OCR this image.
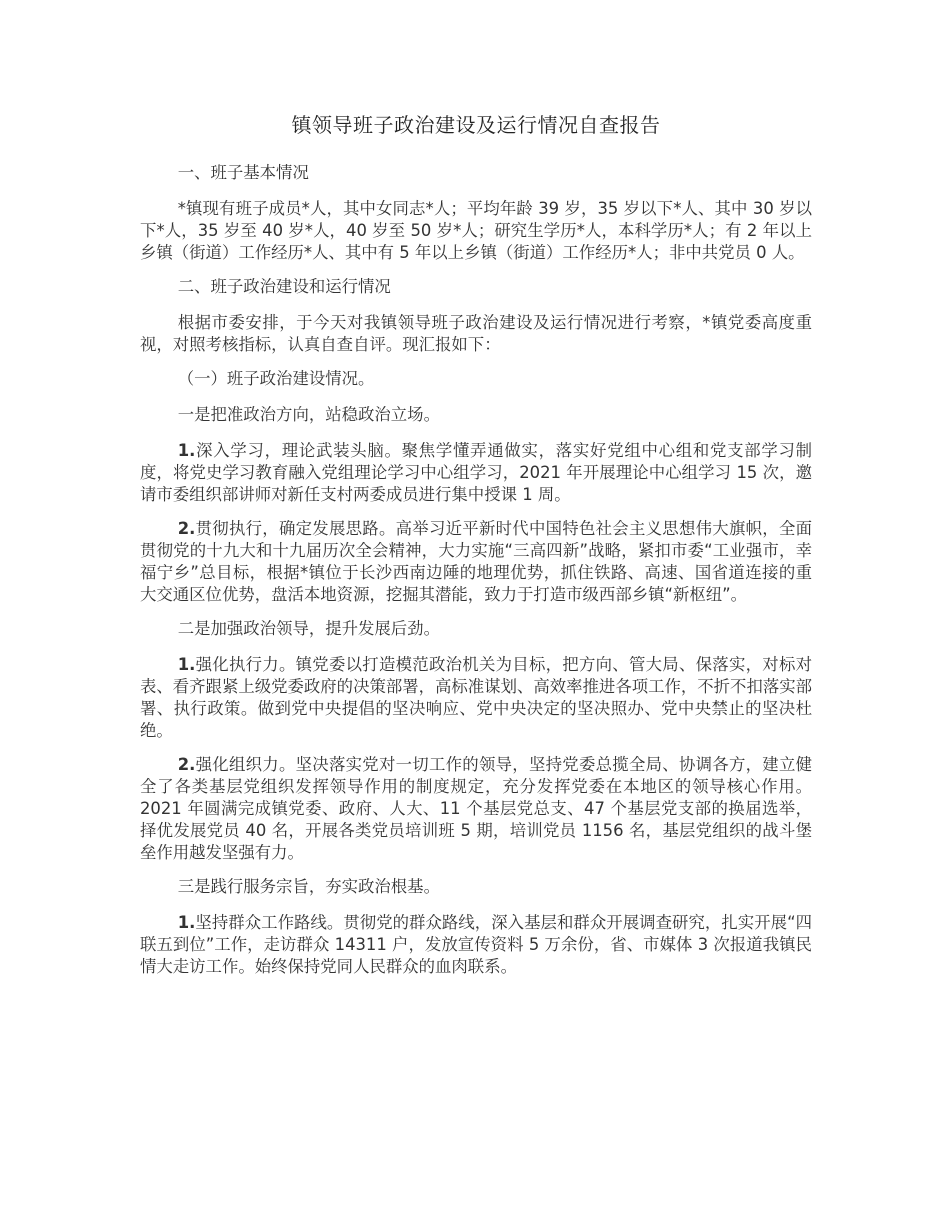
镇领导班子政治建设及运行情况自查报告

一、班子基本情况

*镇现有班子成员*人，其中女同志*人；平均年龄 39 岁，35 岁以下*人、其中 30 岁以下*人，35 岁至 40 岁*人，40 岁至 50 岁*人；研究生学历*人，本科学历*人；有 2 年以上乡镇（街道）工作经历*人、其中有 5 年以上乡镇（街道）工作经历*人；非中共党员 0 人。

二、班子政治建设和运行情况

根据市委安排，于今天对我镇领导班子政治建设及运行情况进行考察，*镇党委高度重视，对照考核指标，认真自查自评。现汇报如下：

（一）班子政治建设情况。

一是把准政治方向，站稳政治立场。

1.深入学习，理论武装头脑。聚焦学懂弄通做实，落实好党组中心组和党支部学习制度，将党史学习教育融入党组理论学习中心组学习，2021 年开展理论中心组学习 15 次，邀请市委组织部讲师对新任支村两委成员进行集中授课 1 周。

2.贯彻执行，确定发展思路。高举习近平新时代中国特色社会主义思想伟大旗帜，全面贯彻党的十九大和十九届历次全会精神，大力实施“三高四新”战略，紧扣市委“工业强市，幸福宁乡”总目标，根据*镇位于长沙西南边陲的地理优势，抓住铁路、高速、国省道连接的重大交通区位优势，盘活本地资源，挖掘其潜能，致力于打造市级西部乡镇“新枢纽”。

二是加强政治领导，提升发展后劲。

1.强化执行力。镇党委以打造模范政治机关为目标，把方向、管大局、保落实，对标对表、看齐跟紧上级党委政府的决策部署，高标准谋划、高效率推进各项工作，不折不扣落实部署、执行政策。做到党中央提倡的坚决响应、党中央决定的坚决照办、党中央禁止的坚决杜绝。

2.强化组织力。坚决落实党对一切工作的领导，坚持党委总揽全局、协调各方，建立健全了各类基层党组织发挥领导作用的制度规定，充分发挥党委在本地区的领导核心作用。2021 年圆满完成镇党委、政府、人大、11 个基层党总支、47 个基层党支部的换届选举，择优发展党员 40 名，开展各类党员培训班 5 期，培训党员 1156 名，基层党组织的战斗堡垒作用越发坚强有力。

三是践行服务宗旨，夯实政治根基。

1.坚持群众工作路线。贯彻党的群众路线，深入基层和群众开展调查研究，扎实开展“四联五到位”工作，走访群众 14311 户，发放宣传资料 5 万余份，省、市媒体 3 次报道我镇民情大走访工作。始终保持党同人民群众的血肉联系。
